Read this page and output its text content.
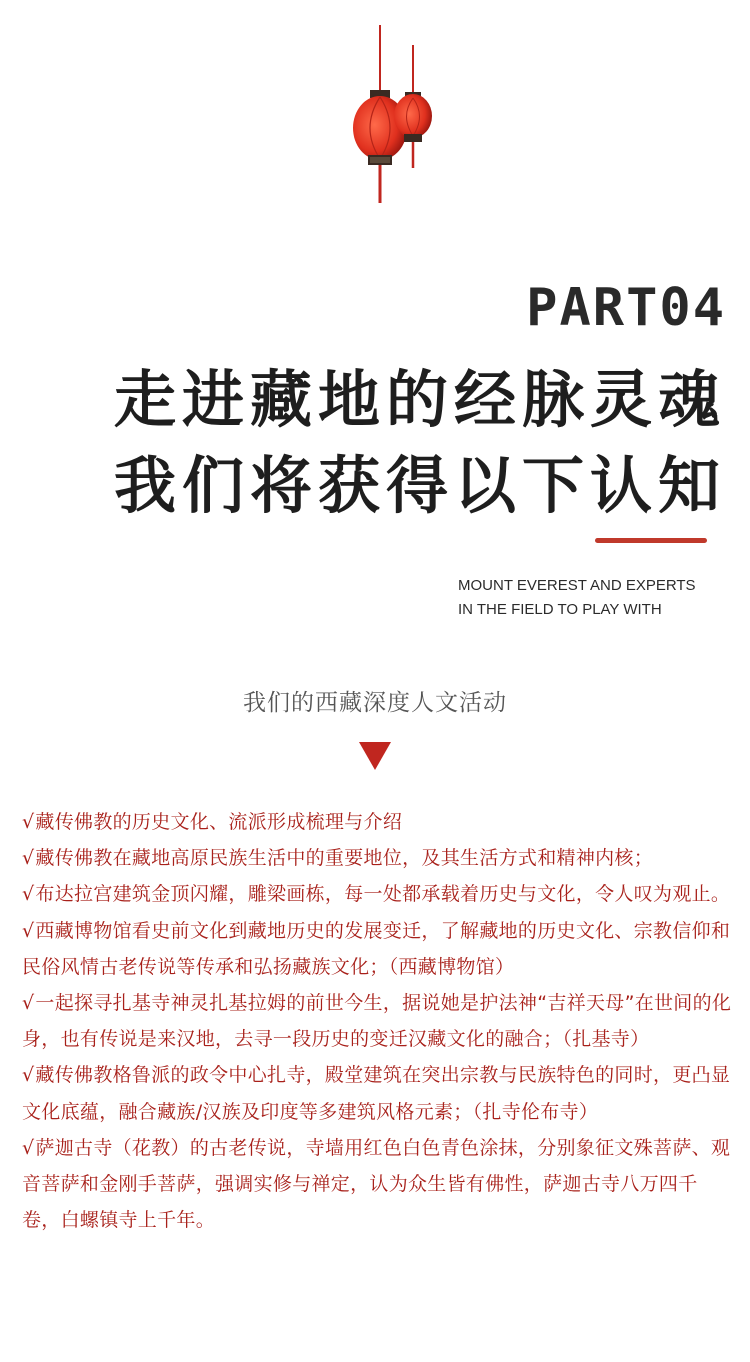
PART04
走进藏地的经脉灵魂
我们将获得以下认知
MOUNT EVEREST AND EXPERTS
IN THE FIELD TO PLAY WITH
我们的西藏深度人文活动
√藏传佛教的历史文化、流派形成梳理与介绍
√藏传佛教在藏地高原民族生活中的重要地位，及其生活方式和精神内核；
√布达拉宫建筑金顶闪耀，雕梁画栋，每一处都承载着历史与文化，令人叹为观止。
√西藏博物馆看史前文化到藏地历史的发展变迁，了解藏地的历史文化、宗教信仰和民俗风情古老传说等传承和弘扬藏族文化；（西藏博物馆）
√一起探寻扎基寺神灵扎基拉姆的前世今生，据说她是护法神“吉祥天母”在世间的化身，也有传说是来汉地，去寻一段历史的变迁汉藏文化的融合；（扎基寺）
√藏传佛教格鲁派的政令中心扎寺，殿堂建筑在突出宗教与民族特色的同时，更凸显文化底蕴，融合藏族/汉族及印度等多建筑风格元素；（扎寺伦布寺）
√萨迦古寺（花教）的古老传说，寺墙用红色白色青色涂抹，分别象征文殊菩萨、观音菩萨和金刚手菩萨，强调实修与禅定，认为众生皆有佛性，萨迦古寺八万四千卷，白螺镇寺上千年。
